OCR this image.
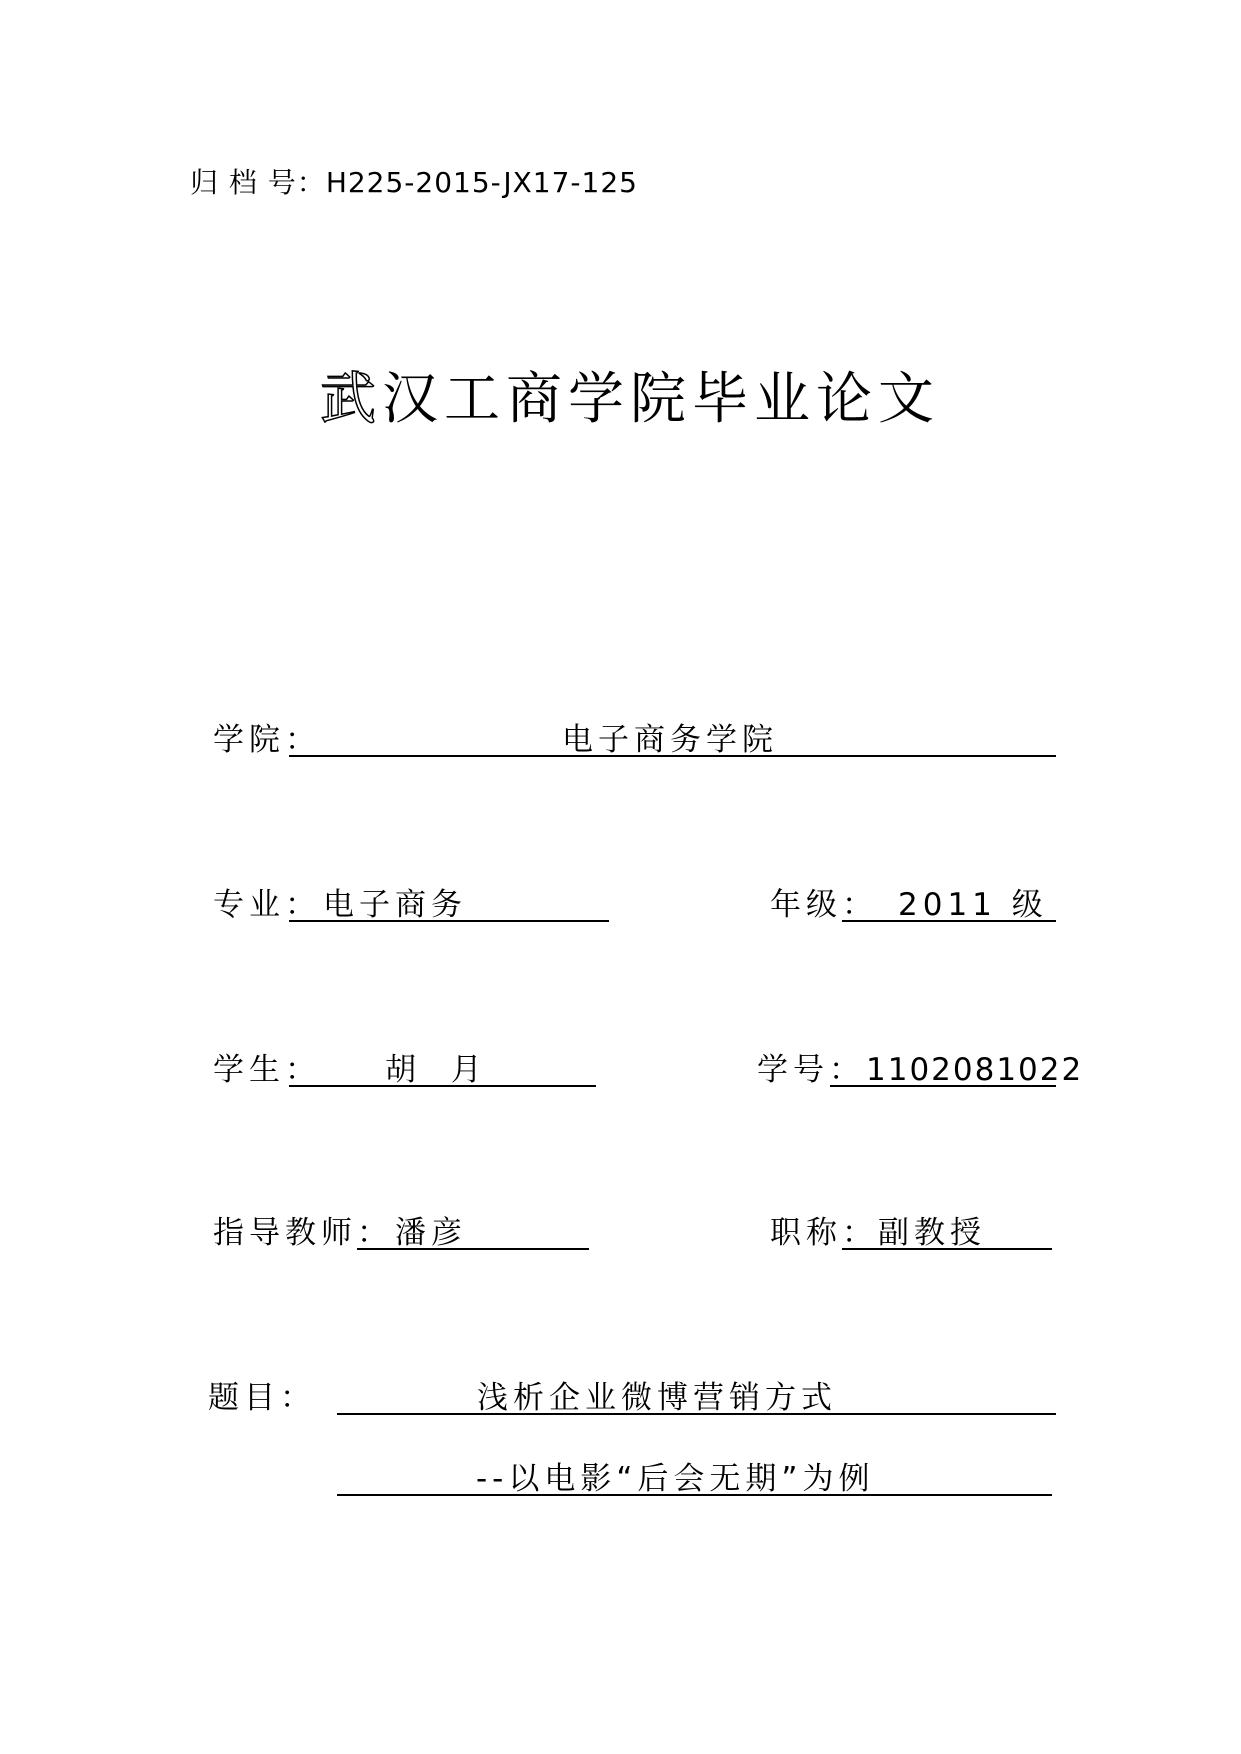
归 档 号：H225-2015-JX17-125
武汉工商学院毕业论文
学院：	电子商务学院
专业： 电子商务	年级： 2011 级
学生： 胡  月	学号： 1102081022
指导教师： 潘彦	职称： 副教授
题目：	浅析企业微博营销方式
--以电影“后会无期”为例
